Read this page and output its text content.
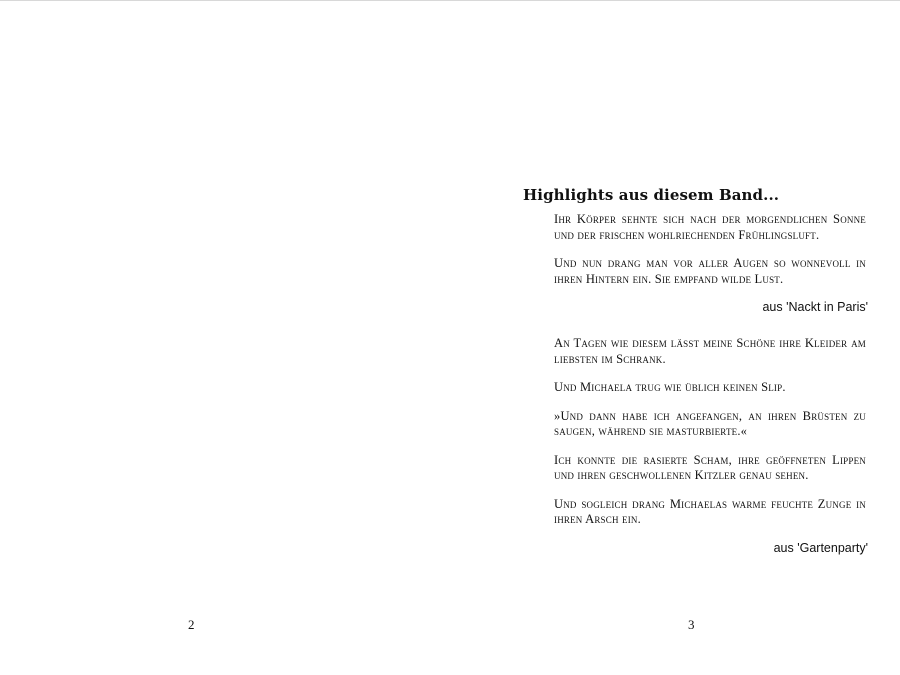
2
Highlights aus diesem Band...

Ihr Körper sehnte sich nach der morgendlichen Sonne und der frischen wohlriechenden Frühlingsluft.

Und nun drang man vor aller Augen so wonnevoll in ihren Hintern ein. Sie empfand wilde Lust.

aus 'Nackt in Paris'

An Tagen wie diesem lässt meine Schöne ihre Kleider am liebsten im Schrank.

Und Michaela trug wie üblich keinen Slip.

»Und dann habe ich angefangen, an ihren Brüsten zu saugen, während sie masturbierte.«

Ich konnte die rasierte Scham, ihre geöffneten Lippen und ihren geschwollenen Kitzler genau sehen.

Und sogleich drang Michaelas warme feuchte Zunge in ihren Arsch ein.

aus 'Gartenparty'
3
